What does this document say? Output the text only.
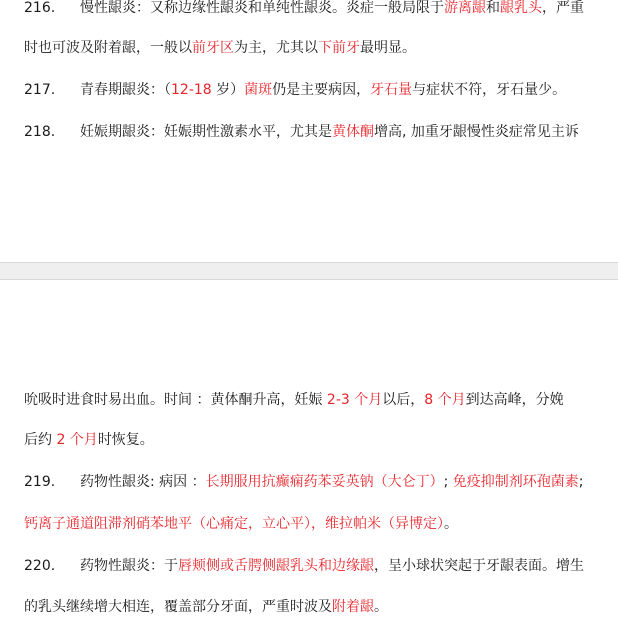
216. 慢性龈炎：又称边缘性龈炎和单纯性龈炎。炎症一般局限于游离龈和龈乳头，严重
时也可波及附着龈，一般以前牙区为主，尤其以下前牙最明显。
217. 青春期龈炎：（12-18 岁）菌斑仍是主要病因，牙石量与症状不符，牙石量少。
218. 妊娠期龈炎：妊娠期性激素水平，尤其是黄体酮增高, 加重牙龈慢性炎症常见主诉
吮吸时进食时易出血。时间 ：黄体酮升高，妊娠 2-3 个月以后，8 个月到达高峰，分娩
后约 2 个月时恢复。
219. 药物性龈炎: 病因 ：长期服用抗癫痫药苯妥英钠（大仑丁）; 免疫抑制剂环孢菌素;
钙离子通道阻滞剂硝苯地平（心痛定，立心平），维拉帕米（异博定）。
220. 药物性龈炎：于唇颊侧或舌腭侧龈乳头和边缘龈，呈小球状突起于牙龈表面。增生
的乳头继续增大相连，覆盖部分牙面，严重时波及附着龈。
